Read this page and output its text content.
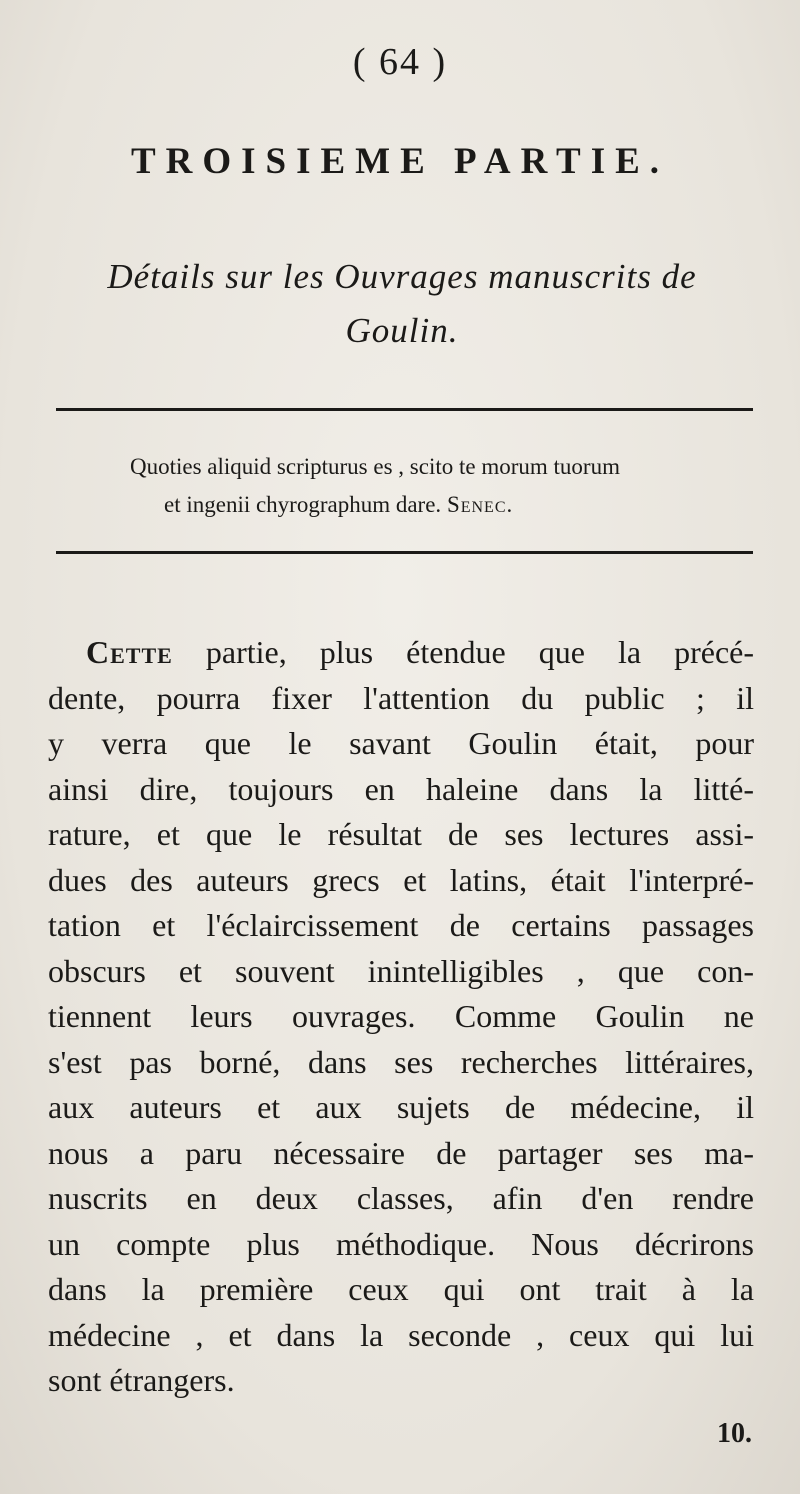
( 64 )
TROISIEME PARTIE.
Détails sur les Ouvrages manuscrits de
Goulin.
Quoties aliquid scripturus es , scito te morum tuorum
et ingenii chyrographum dare. Senec.
Cette partie, plus étendue que la précé-
dente, pourra fixer l'attention du public ; il
y verra que le savant Goulin était, pour
ainsi dire, toujours en haleine dans la litté-
rature, et que le résultat de ses lectures assi-
dues des auteurs grecs et latins, était l'interpré-
tation et l'éclaircissement de certains passages
obscurs et souvent inintelligibles , que con-
tiennent leurs ouvrages. Comme Goulin ne
s'est pas borné, dans ses recherches littéraires,
aux auteurs et aux sujets de médecine, il
nous a paru nécessaire de partager ses ma-
nuscrits en deux classes, afin d'en rendre
un compte plus méthodique. Nous décrirons
dans la première ceux qui ont trait à la
médecine , et dans la seconde , ceux qui lui
sont étrangers.
10.
